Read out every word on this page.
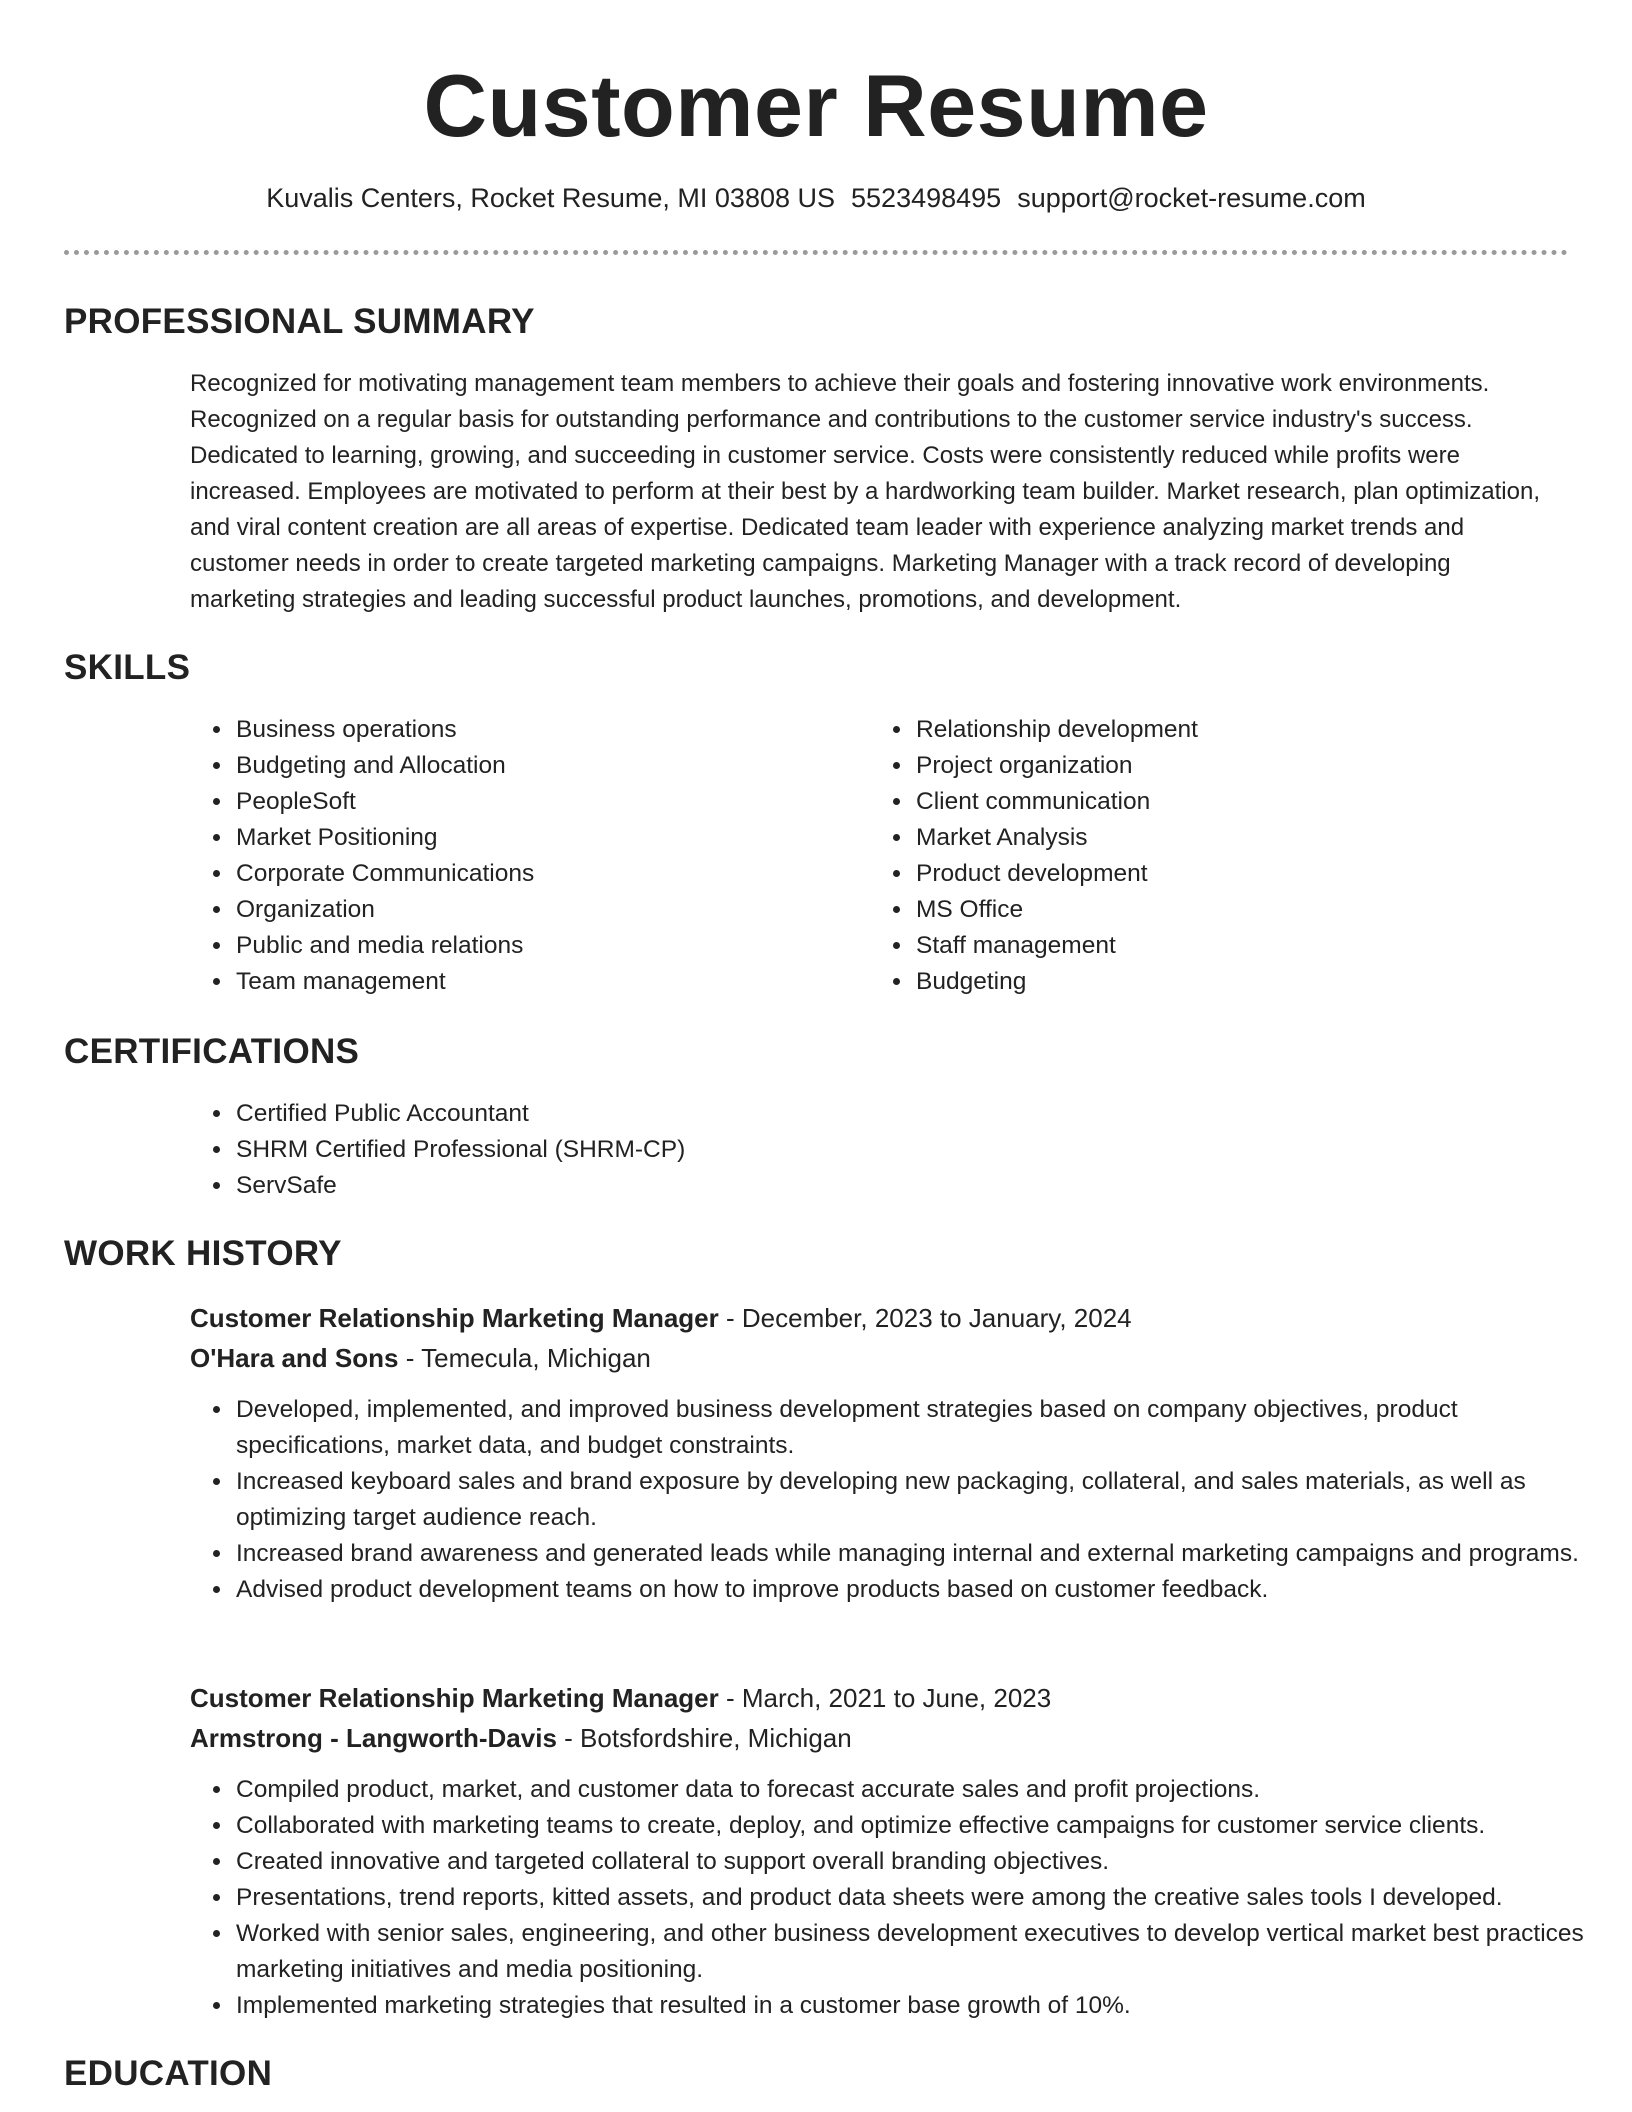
Customer Resume
Kuvalis Centers, Rocket Resume, MI 03808 US 5523498495 support@rocket-resume.com
PROFESSIONAL SUMMARY
Recognized for motivating management team members to achieve their goals and fostering innovative work environments. Recognized on a regular basis for outstanding performance and contributions to the customer service industry's success. Dedicated to learning, growing, and succeeding in customer service. Costs were consistently reduced while profits were increased. Employees are motivated to perform at their best by a hardworking team builder. Market research, plan optimization, and viral content creation are all areas of expertise. Dedicated team leader with experience analyzing market trends and customer needs in order to create targeted marketing campaigns. Marketing Manager with a track record of developing marketing strategies and leading successful product launches, promotions, and development.
SKILLS
• Business operations
• Budgeting and Allocation
• PeopleSoft
• Market Positioning
• Corporate Communications
• Organization
• Public and media relations
• Team management
• Relationship development
• Project organization
• Client communication
• Market Analysis
• Product development
• MS Office
• Staff management
• Budgeting
CERTIFICATIONS
• Certified Public Accountant
• SHRM Certified Professional (SHRM-CP)
• ServSafe
WORK HISTORY
Customer Relationship Marketing Manager - December, 2023 to January, 2024
O'Hara and Sons - Temecula, Michigan
• Developed, implemented, and improved business development strategies based on company objectives, product specifications, market data, and budget constraints.
• Increased keyboard sales and brand exposure by developing new packaging, collateral, and sales materials, as well as optimizing target audience reach.
• Increased brand awareness and generated leads while managing internal and external marketing campaigns and programs.
• Advised product development teams on how to improve products based on customer feedback.
Customer Relationship Marketing Manager - March, 2021 to June, 2023
Armstrong - Langworth-Davis - Botsfordshire, Michigan
• Compiled product, market, and customer data to forecast accurate sales and profit projections.
• Collaborated with marketing teams to create, deploy, and optimize effective campaigns for customer service clients.
• Created innovative and targeted collateral to support overall branding objectives.
• Presentations, trend reports, kitted assets, and product data sheets were among the creative sales tools I developed.
• Worked with senior sales, engineering, and other business development executives to develop vertical market best practices marketing initiatives and media positioning.
• Implemented marketing strategies that resulted in a customer base growth of 10%.
EDUCATION
